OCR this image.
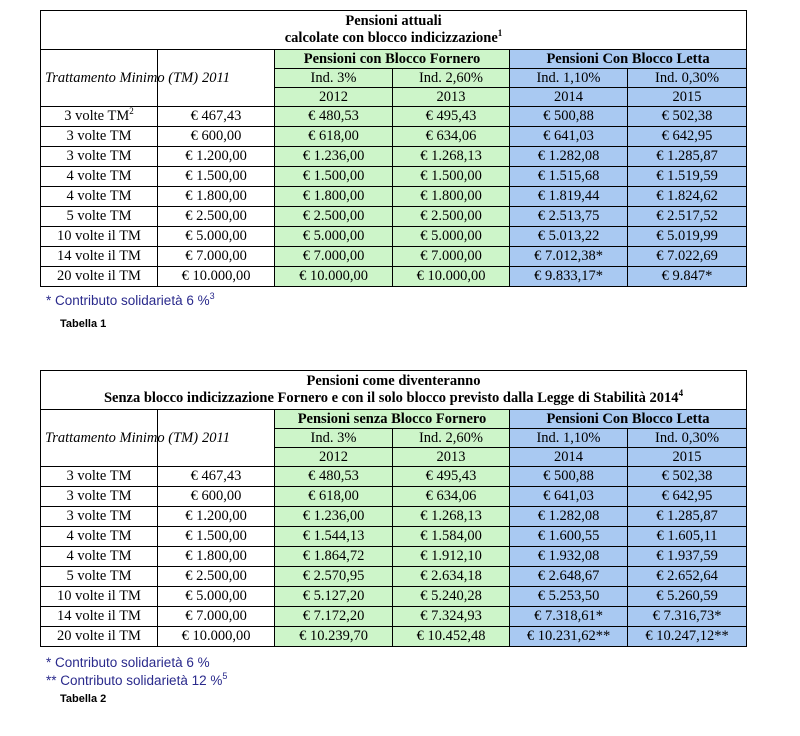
Pensioni attuali
calcolate con blocco indicizzazione$^1$
Trattamento Minimo (TM)	2011	Pensioni con Blocco Fornero		Pensioni Con Blocco Letta	
		Ind. 3%	Ind. 2,60%	Ind. 1,10%	Ind. 0,30%
		2012	2013	2014	2015
3 volte $TM^2$	€ 467,43	€ 480,53	€ 495,43	€ 500,88	€ 502,38
3 volte TM	€ 600,00	€ 618,00	€ 634,06	€ 641,03	€ 642,95
3 volte TM	€ 1.200,00	€ 1.236,00	€ 1.268,13	€ 1.282,08	€ 1.285,87
4 volte TM	€ 1.500,00	€ 1.500,00	€ 1.500,00	€ 1.515,68	€ 1.519,59
4 volte TM	€ 1.800,00	€ 1.800,00	€ 1.800,00	€ 1.819,44	€ 1.824,62
5 volte TM	€ 2.500,00	€ 2.500,00	€ 2.500,00	€ 2.513,75	€ 2.517,52
10 volte il TM	€ 5.000,00	€ 5.000,00	€ 5.000,00	€ 5.013,22	€ 5.019,99
14 volte il TM	€ 7.000,00	€ 7.000,00	€ 7.000,00	€ 7.012,38*	€ 7.022,69
20 volte il TM	€ 10.000,00	€ 10.000,00	€ 10.000,00	€ 9.833,17*	€ 9.847*
* Contributo solidarietà 6 %$^3$
Tabella 1
Pensioni come diventeranno
Senza blocco indicizzazione Fornero e con il solo blocco previsto dalla Legge di Stabilità 2014$^4$
Trattamento Minimo (TM)	2011	Pensioni senza Blocco Fornero		Pensioni Con Blocco Letta	
		Ind. 3%	Ind. 2,60%	Ind. 1,10%	Ind. 0,30%
		2012	2013	2014	2015
3 volte TM	€ 467,43	€ 480,53	€ 495,43	€ 500,88	€ 502,38
3 volte TM	€ 600,00	€ 618,00	€ 634,06	€ 641,03	€ 642,95
3 volte TM	€ 1.200,00	€ 1.236,00	€ 1.268,13	€ 1.282,08	€ 1.285,87
4 volte TM	€ 1.500,00	€ 1.544,13	€ 1.584,00	€ 1.600,55	€ 1.605,11
4 volte TM	€ 1.800,00	€ 1.864,72	€ 1.912,10	€ 1.932,08	€ 1.937,59
5 volte TM	€ 2.500,00	€ 2.570,95	€ 2.634,18	€ 2.648,67	€ 2.652,64
10 volte il TM	€ 5.000,00	€ 5.127,20	€ 5.240,28	€ 5.253,50	€ 5.260,59
14 volte il TM	€ 7.000,00	€ 7.172,20	€ 7.324,93	€ 7.318,61*	€ 7.316,73*
20 volte il TM	€ 10.000,00	€ 10.239,70	€ 10.452,48	€ 10.231,62**	€ 10.247,12**
* Contributo solidarietà 6 %
** Contributo solidarietà 12 %$^5$
Tabella 2
